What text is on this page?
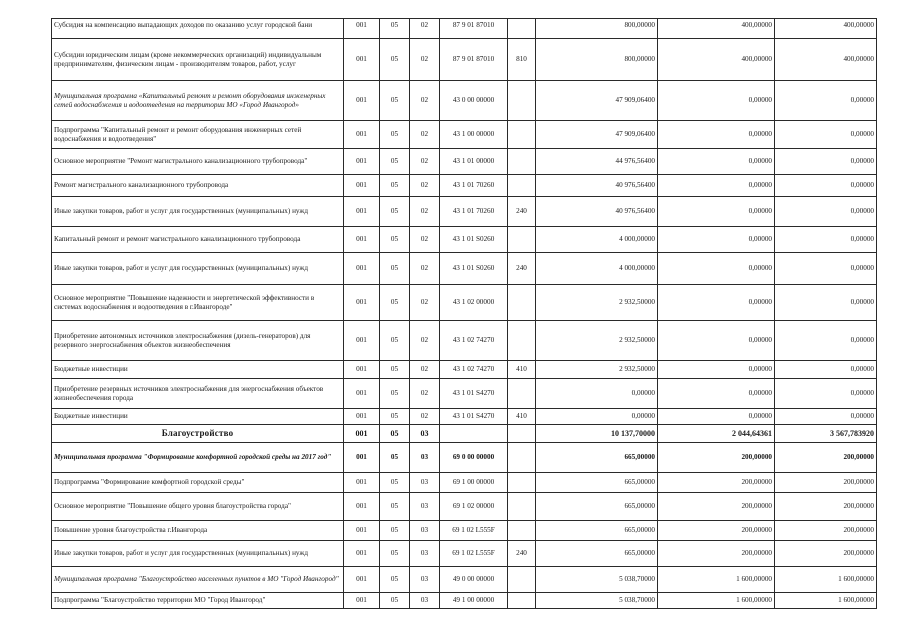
Субсидия на компенсацию выпадающих доходов по оказанию услуг городской бани	001	05	02	87 9 01 87010		800,00000	400,00000	400,00000
Субсидии юридическим лицам (кроме некоммерческих организаций) индивидуальным предпринимателям, физическим лицам - производителям товаров, работ, услуг	001	05	02	87 9 01 87010	810	800,00000	400,00000	400,00000
Муниципальная программа «Капитальный ремонт и ремонт оборудования инженерных сетей водоснабжения и водоотведения на территории МО «Город Ивангород»	001	05	02	43 0 00 00000		47 909,06400	0,00000	0,00000
Подпрограмма "Капитальный ремонт и ремонт оборудования инженерных сетей водоснабжения и водоотведения"	001	05	02	43 1 00 00000		47 909,06400	0,00000	0,00000
Основное мероприятие "Ремонт магистрального канализационного трубопровода"	001	05	02	43 1 01 00000		44 976,56400	0,00000	0,00000
Ремонт магистрального канализационного трубопровода	001	05	02	43 1 01 70260		40 976,56400	0,00000	0,00000
Иные закупки товаров, работ и услуг для государственных (муниципальных) нужд	001	05	02	43 1 01 70260	240	40 976,56400	0,00000	0,00000
Капитальный ремонт и ремонт магистрального канализационного трубопровода	001	05	02	43 1 01 S0260		4 000,00000	0,00000	0,00000
Иные закупки товаров, работ и услуг для государственных (муниципальных) нужд	001	05	02	43 1 01 S0260	240	4 000,00000	0,00000	0,00000
Основное мероприятие "Повышение надежности и энергетической эффективности в системах водоснабжения и водоотведения в г.Ивангороде"	001	05	02	43 1 02 00000		2 932,50000	0,00000	0,00000
Приобретение автономных источников электроснабжения (дизель-генераторов) для резервного энергоснабжения объектов жизнеобеспечения	001	05	02	43 1 02 74270		2 932,50000	0,00000	0,00000
Бюджетные инвестиции	001	05	02	43 1 02 74270	410	2 932,50000	0,00000	0,00000
Приобретение резервных источников электроснабжения для энергоснабжения объектов жизнеобеспечения города	001	05	02	43 1 01 S4270		0,00000	0,00000	0,00000
Бюджетные инвестиции	001	05	02	43 1 01 S4270	410	0,00000	0,00000	0,00000
Благоустройство	001	05	03			10 137,70000	2 044,64361	3 567,783920
Муниципальная программа "Формирование комфортной городской среды на 2017 год"	001	05	03	69 0 00 00000		665,00000	200,00000	200,00000
Подпрограмма "Формирование комфортной городской среды"	001	05	03	69 1 00 00000		665,00000	200,00000	200,00000
Основное мероприятие "Повышение общего уровня благоустройства города"	001	05	03	69 1 02 00000		665,00000	200,00000	200,00000
Повышение уровня благоустройства г.Ивангорода	001	05	03	69 1 02 L555F		665,00000	200,00000	200,00000
Иные закупки товаров, работ и услуг для государственных (муниципальных) нужд	001	05	03	69 1 02 L555F	240	665,00000	200,00000	200,00000
Муниципальная программа "Благоустройство населенных пунктов в МО "Город Ивангород"	001	05	03	49 0 00 00000		5 038,70000	1 600,00000	1 600,00000
Подпрограмма "Благоустройство территории МО "Город Ивангород"	001	05	03	49 1 00 00000		5 038,70000	1 600,00000	1 600,00000
